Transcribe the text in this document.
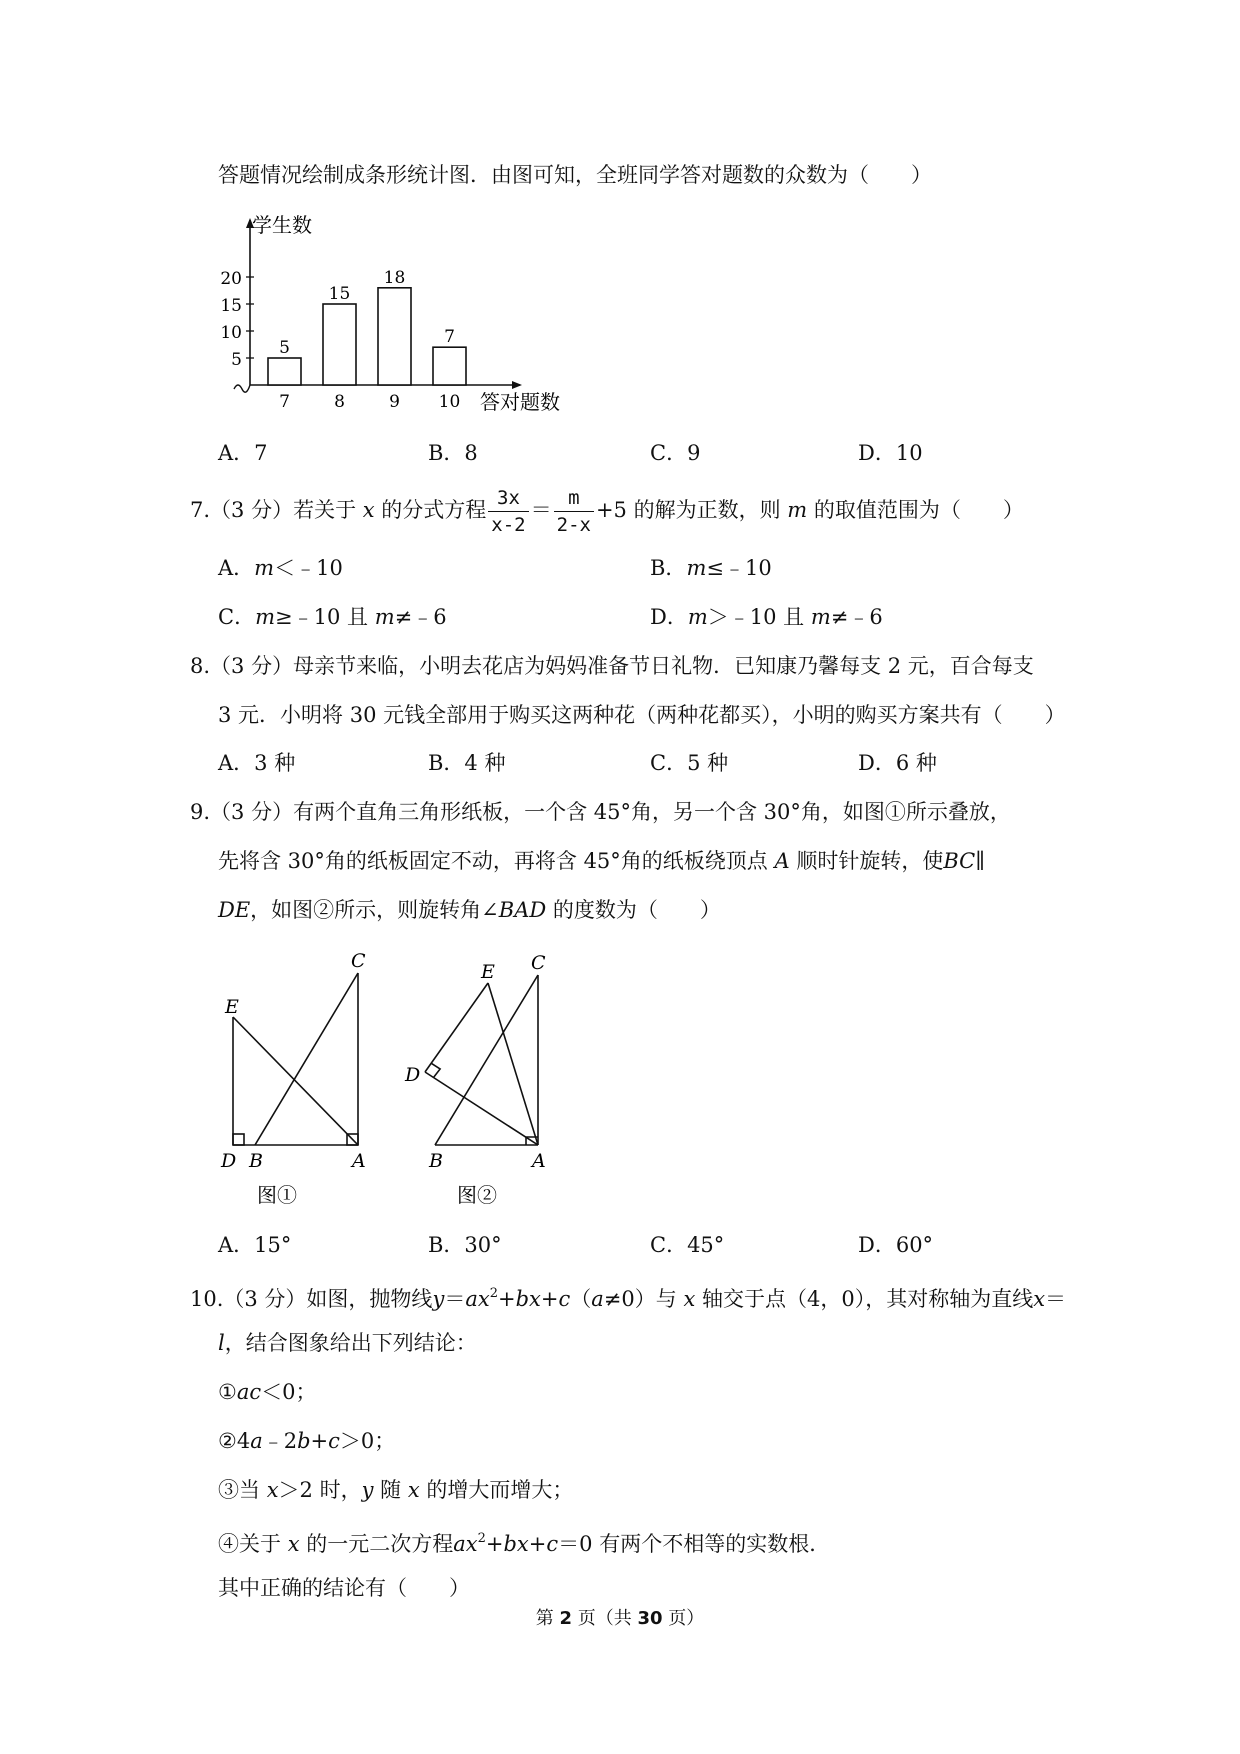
答题情况绘制成条形统计图．由图可知，全班同学答对题数的众数为（　　）
学生数
答对题数
5
10
15
20
5
7
15
8
18
9
7
10
A．7	B．8	C．9	D．10
7.（3 分）若关于 x 的分式方程 $\frac{3x}{x-2} = \frac{m}{2-x} +5$ 的解为正数，则 m 的取值范围为（　　）
A．m＜﹣10	B．m≤﹣10
C．m≥﹣10 且 m≠﹣6	D．m＞﹣10 且 m≠﹣6
8.（3 分）母亲节来临，小明去花店为妈妈准备节日礼物．已知康乃馨每支 2 元，百合每支
3 元．小明将 30 元钱全部用于购买这两种花（两种花都买），小明的购买方案共有（　　）
A．3 种	B．4 种	C．5 种	D．6 种
9.（3 分）有两个直角三角形纸板，一个含 45°角，另一个含 30°角，如图①所示叠放，
先将含 30°角的纸板固定不动，再将含 45°角的纸板绕顶点 A 顺时针旋转，使BC∥
DE，如图②所示，则旋转角∠BAD 的度数为（　　）
E
C
D B	A
图①
E C
D
B	A
图②
A．15°	B．30°	C．45°	D．60°
10.（3 分）如图，抛物线$y=ax^2+bx+c(a\ne 0)$与 x 轴交于点（4，0），其对称轴为直线x＝
l，结合图象给出下列结论：
①ac＜0；
②4a﹣2b+c＞0；
③当 x＞2 时，y 随 x 的增大而增大；
④关于 x 的一元二次方程$ax^2+bx+c=0$ 有两个不相等的实数根．
其中正确的结论有（　　）
第 2 页（共 30 页）
